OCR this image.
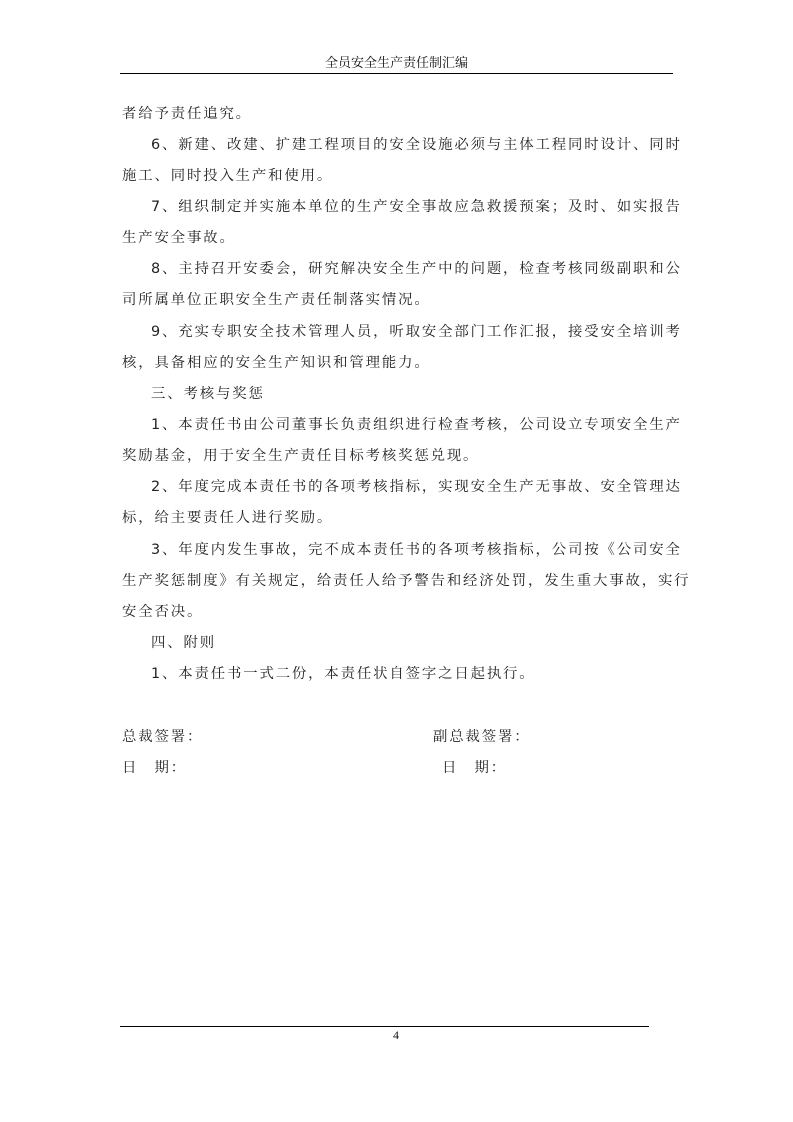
全员安全生产责任制汇编
者给予责任追究。
6、新建、改建、扩建工程项目的安全设施必须与主体工程同时设计、同时
施工、同时投入生产和使用。
7、组织制定并实施本单位的生产安全事故应急救援预案；及时、如实报告
生产安全事故。
8、主持召开安委会，研究解决安全生产中的问题，检查考核同级副职和公
司所属单位正职安全生产责任制落实情况。
9、充实专职安全技术管理人员，听取安全部门工作汇报，接受安全培训考
核，具备相应的安全生产知识和管理能力。
三、考核与奖惩
1、本责任书由公司董事长负责组织进行检查考核，公司设立专项安全生产
奖励基金，用于安全生产责任目标考核奖惩兑现。
2、年度完成本责任书的各项考核指标，实现安全生产无事故、安全管理达
标，给主要责任人进行奖励。
3、年度内发生事故，完不成本责任书的各项考核指标，公司按《公司安全
生产奖惩制度》有关规定，给责任人给予警告和经济处罚，发生重大事故，实行
安全否决。
四、附则
1、本责任书一式二份，本责任状自签字之日起执行。
总裁签署：	副总裁签署：
日　期：	日　期：
4
